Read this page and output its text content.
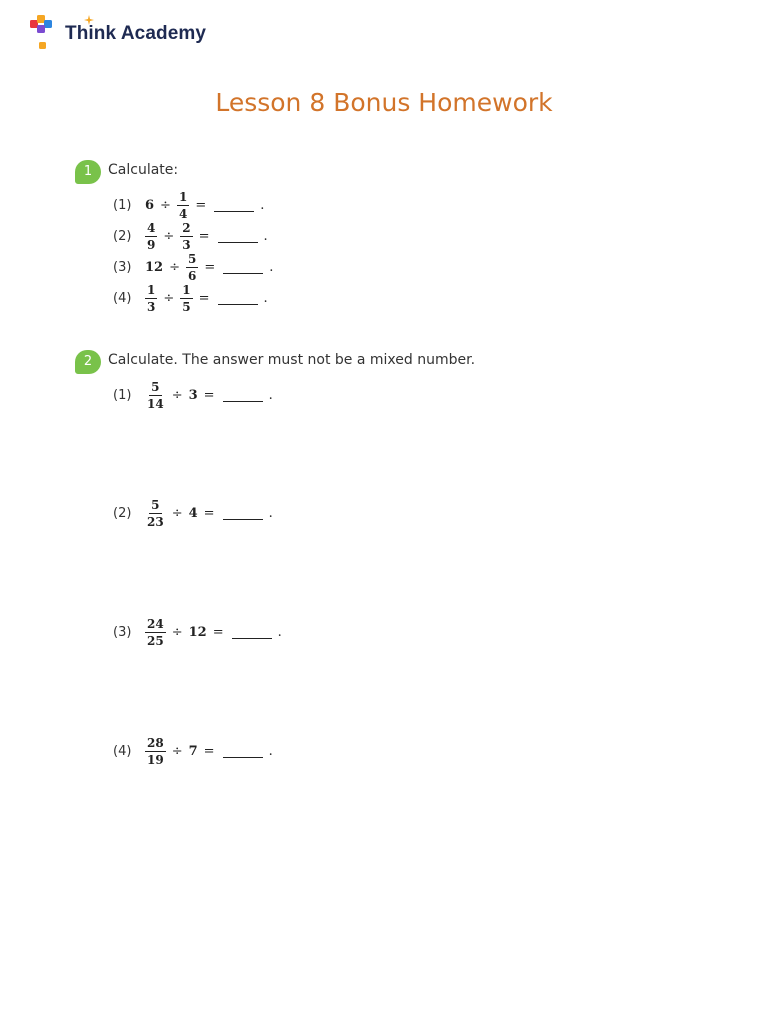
Think Academy
Lesson 8 Bonus Homework
1	Calculate:
(1)	$6 \div \frac{1}{4}$ =	.
$(2) \frac{4}{9} \div \frac{2}{3}$ =	.
(3)	$12 \div \frac{5}{6}$ =	.
$(4) \frac{1}{3} \div \frac{1}{5}$ =	.
2	Calculate. The answer must not be a mixed number.
$(1) \frac{5}{14} \div 3$ =	.
$(2) \frac{5}{23} \div 4$ =	.
$(3) \frac{24}{25} \div 12$ =	.
$(4) \frac{28}{19} \div 7$ =	.
